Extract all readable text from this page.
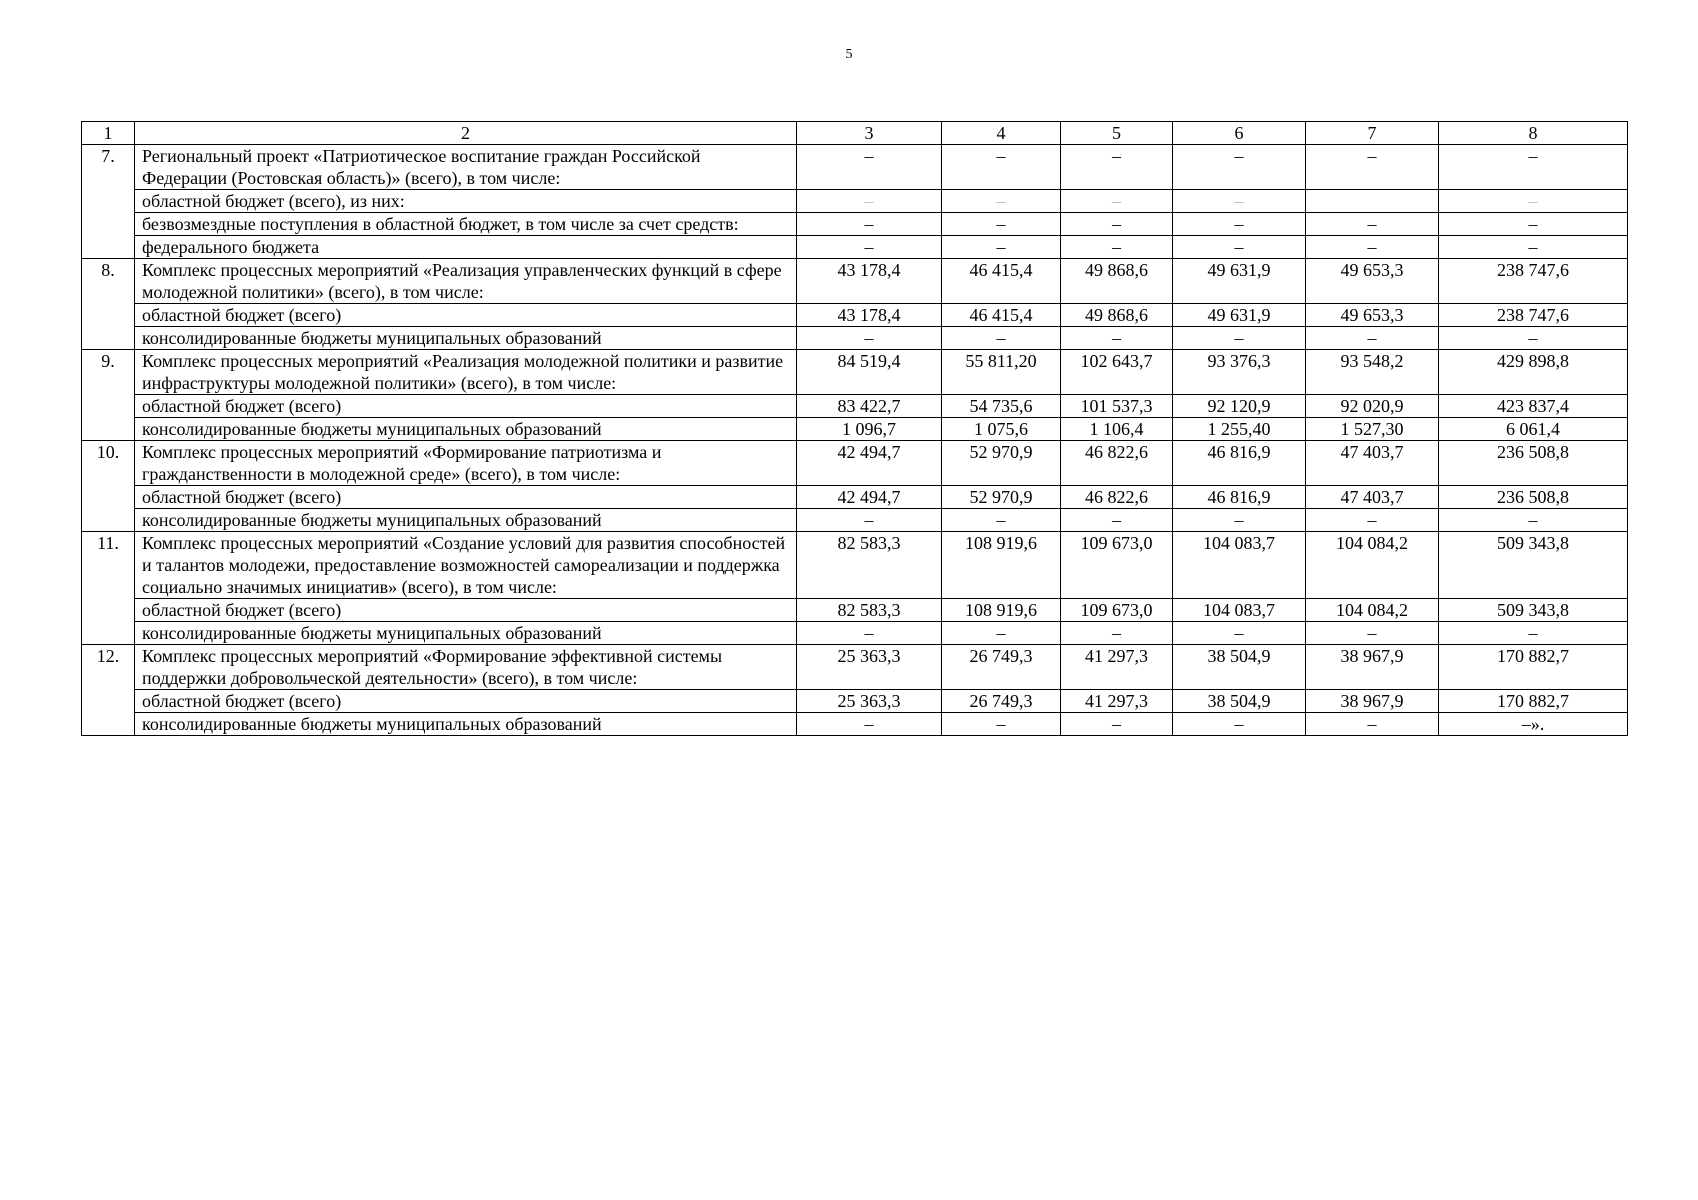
5
1	2	3	4	5	6	7	8
7.	Региональный проект «Патриотическое воспитание граждан Российской Федерации (Ростовская область)» (всего), в том числе:	–	–	–	–	–	–
	областной бюджет (всего), из них:	–	–	–	–		–
	безвозмездные поступления в областной бюджет, в том числе за счет средств:	–	–	–	–	–	–
	федерального бюджета	–	–	–	–	–	–
8.	Комплекс процессных мероприятий «Реализация управленческих функций в сфере молодежной политики» (всего), в том числе:	43 178,4	46 415,4	49 868,6	49 631,9	49 653,3	238 747,6
	областной бюджет (всего)	43 178,4	46 415,4	49 868,6	49 631,9	49 653,3	238 747,6
	консолидированные бюджеты муниципальных образований	–	–	–	–	–	–
9.	Комплекс процессных мероприятий «Реализация молодежной политики и развитие инфраструктуры молодежной политики» (всего), в том числе:	84 519,4	55 811,20	102 643,7	93 376,3	93 548,2	429 898,8
	областной бюджет (всего)	83 422,7	54 735,6	101 537,3	92 120,9	92 020,9	423 837,4
	консолидированные бюджеты муниципальных образований	1 096,7	1 075,6	1 106,4	1 255,40	1 527,30	6 061,4
10.	Комплекс процессных мероприятий «Формирование патриотизма и гражданственности в молодежной среде» (всего), в том числе:	42 494,7	52 970,9	46 822,6	46 816,9	47 403,7	236 508,8
	областной бюджет (всего)	42 494,7	52 970,9	46 822,6	46 816,9	47 403,7	236 508,8
	консолидированные бюджеты муниципальных образований	–	–	–	–	–	–
11.	Комплекс процессных мероприятий «Создание условий для развития способностей и талантов молодежи, предоставление возможностей самореализации и поддержка социально значимых инициатив» (всего), в том числе:	82 583,3	108 919,6	109 673,0	104 083,7	104 084,2	509 343,8
	областной бюджет (всего)	82 583,3	108 919,6	109 673,0	104 083,7	104 084,2	509 343,8
	консолидированные бюджеты муниципальных образований	–	–	–	–	–	–
12.	Комплекс процессных мероприятий «Формирование эффективной системы поддержки добровольческой деятельности» (всего), в том числе:	25 363,3	26 749,3	41 297,3	38 504,9	38 967,9	170 882,7
	областной бюджет (всего)	25 363,3	26 749,3	41 297,3	38 504,9	38 967,9	170 882,7
	консолидированные бюджеты муниципальных образований	–	–	–	–	–	–».
